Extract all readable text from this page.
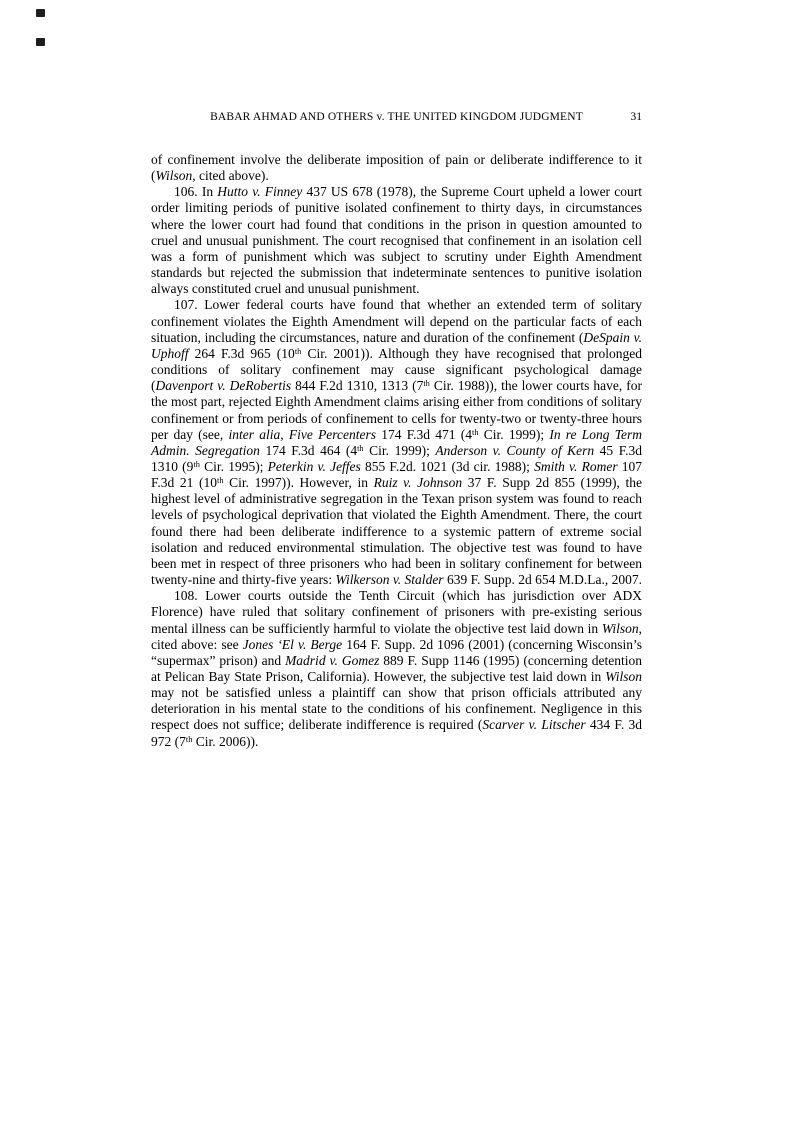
BABAR AHMAD AND OTHERS v. THE UNITED KINGDOM JUDGMENT	31

of confinement involve the deliberate imposition of pain or deliberate indifference to it (Wilson, cited above).

106. In Hutto v. Finney 437 US 678 (1978), the Supreme Court upheld a lower court order limiting periods of punitive isolated confinement to thirty days, in circumstances where the lower court had found that conditions in the prison in question amounted to cruel and unusual punishment. The court recognised that confinement in an isolation cell was a form of punishment which was subject to scrutiny under Eighth Amendment standards but rejected the submission that indeterminate sentences to punitive isolation always constituted cruel and unusual punishment.

107. Lower federal courts have found that whether an extended term of solitary confinement violates the Eighth Amendment will depend on the particular facts of each situation, including the circumstances, nature and duration of the confinement (DeSpain v. Uphoff 264 F.3d 965 (10th Cir. 2001)). Although they have recognised that prolonged conditions of solitary confinement may cause significant psychological damage (Davenport v. DeRobertis 844 F.2d 1310, 1313 (7th Cir. 1988)), the lower courts have, for the most part, rejected Eighth Amendment claims arising either from conditions of solitary confinement or from periods of confinement to cells for twenty-two or twenty-three hours per day (see, inter alia, Five Percenters 174 F.3d 471 (4th Cir. 1999); In re Long Term Admin. Segregation 174 F.3d 464 (4th Cir. 1999); Anderson v. County of Kern 45 F.3d 1310 (9th Cir. 1995); Peterkin v. Jeffes 855 F.2d. 1021 (3d cir. 1988); Smith v. Romer 107 F.3d 21 (10th Cir. 1997)). However, in Ruiz v. Johnson 37 F. Supp 2d 855 (1999), the highest level of administrative segregation in the Texan prison system was found to reach levels of psychological deprivation that violated the Eighth Amendment. There, the court found there had been deliberate indifference to a systemic pattern of extreme social isolation and reduced environmental stimulation. The objective test was found to have been met in respect of three prisoners who had been in solitary confinement for between twenty-nine and thirty-five years: Wilkerson v. Stalder 639 F. Supp. 2d 654 M.D.La., 2007.

108. Lower courts outside the Tenth Circuit (which has jurisdiction over ADX Florence) have ruled that solitary confinement of prisoners with pre-existing serious mental illness can be sufficiently harmful to violate the objective test laid down in Wilson, cited above: see Jones ‘El v. Berge 164 F. Supp. 2d 1096 (2001) (concerning Wisconsin’s “supermax” prison) and Madrid v. Gomez 889 F. Supp 1146 (1995) (concerning detention at Pelican Bay State Prison, California). However, the subjective test laid down in Wilson may not be satisfied unless a plaintiff can show that prison officials attributed any deterioration in his mental state to the conditions of his confinement. Negligence in this respect does not suffice; deliberate indifference is required (Scarver v. Litscher 434 F. 3d 972 (7th Cir. 2006)).
